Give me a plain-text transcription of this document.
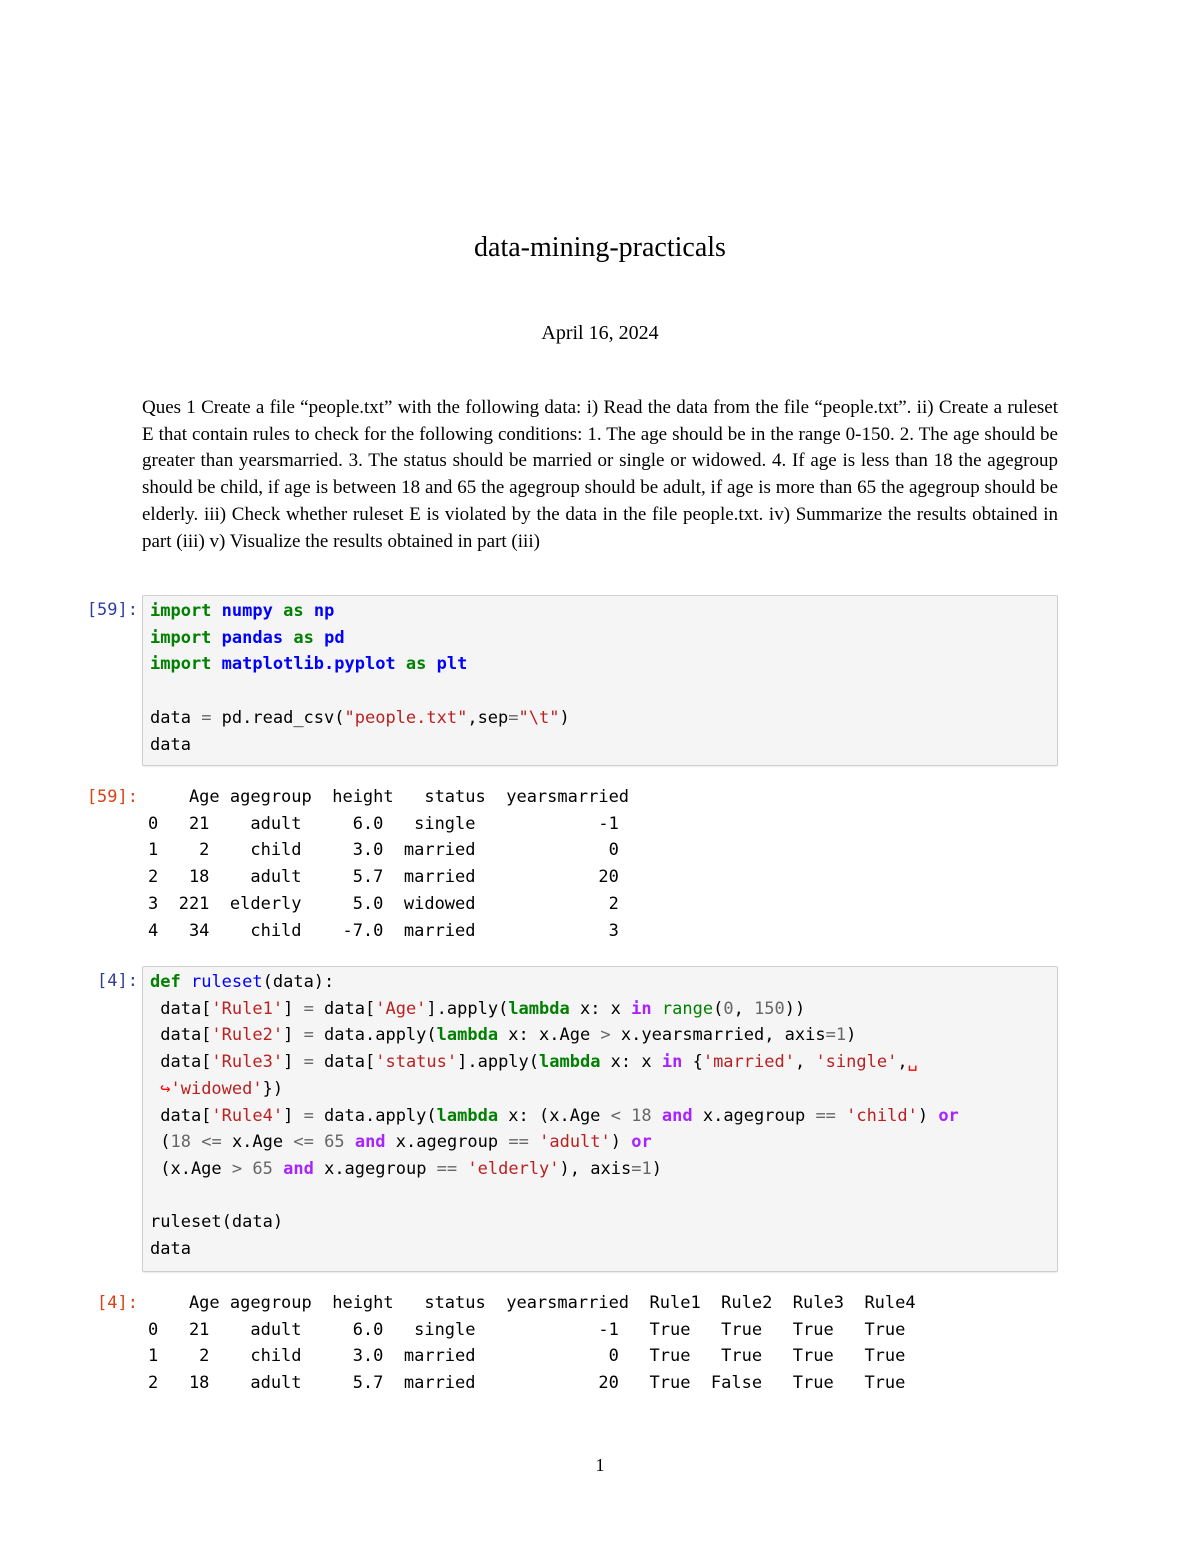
data-mining-practicals
April 16, 2024
Ques 1 Create a file “people.txt” with the following data: i) Read the data from the file “people.txt”. ii) Create a ruleset E that contain rules to check for the following conditions: 1. The age should be in the range 0-150. 2. The age should be greater than yearsmarried. 3. The status should be married or single or widowed. 4. If age is less than 18 the agegroup should be child, if age is between 18 and 65 the agegroup should be adult, if age is more than 65 the agegroup should be elderly. iii) Check whether ruleset E is violated by the data in the file people.txt. iv) Summarize the results obtained in part (iii) v) Visualize the results obtained in part (iii)
[59]: import numpy as np
import pandas as pd
import matplotlib.pyplot as plt

data = pd.read_csv("people.txt",sep="\t")
data
[59]: Age agegroup  height   status  yearsmarried
0   21    adult     6.0   single            -1
1    2    child     3.0  married             0
2   18    adult     5.7  married            20
3  221  elderly     5.0  widowed             2
4   34    child    -7.0  married             3
[4]: def ruleset(data):
data['Rule1'] = data['Age'].apply(lambda x: x in range(0, 150))
data['Rule2'] = data.apply(lambda x: x.Age > x.yearsmarried, axis=1)
data['Rule3'] = data['status'].apply(lambda x: x in {'married', 'single',␣
↪'widowed'})
data['Rule4'] = data.apply(lambda x: (x.Age < 18 and x.agegroup == 'child') or
(18 <= x.Age <= 65 and x.agegroup == 'adult') or
(x.Age > 65 and x.agegroup == 'elderly'), axis=1)

ruleset(data)
data
[4]: Age agegroup  height   status  yearsmarried  Rule1  Rule2  Rule3  Rule4
0   21    adult     6.0   single            -1   True   True   True   True
1    2    child     3.0  married             0   True   True   True   True
2   18    adult     5.7  married            20   True  False   True   True
1
